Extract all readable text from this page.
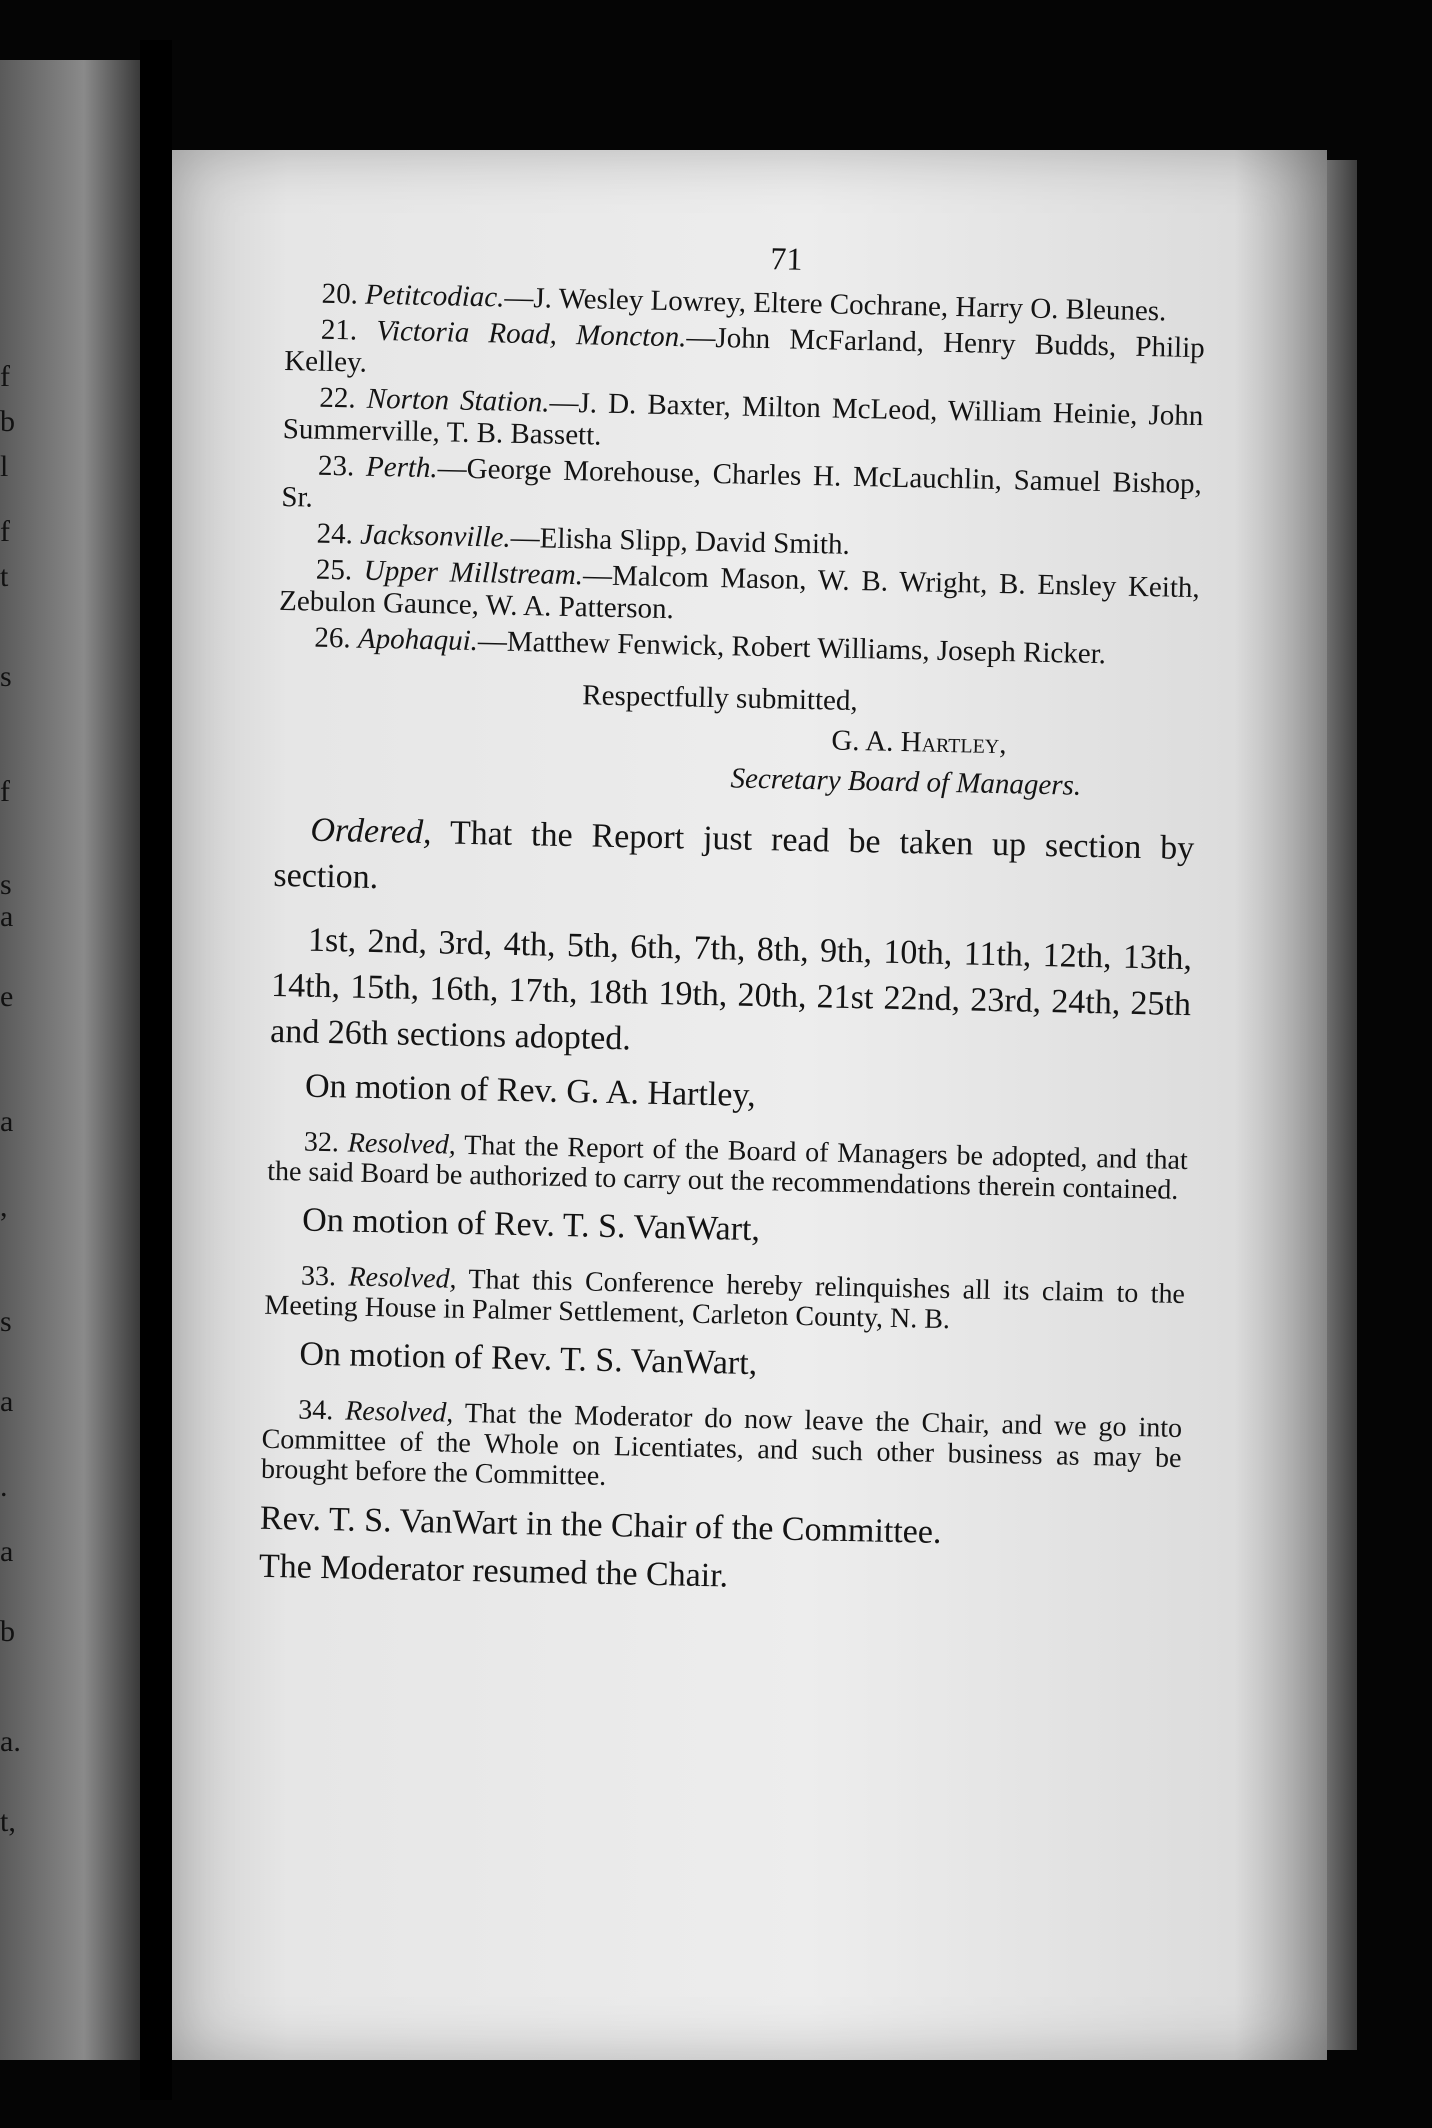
f
b
l
f
t
s
f
s
a
e
a
,
s
a
.
a
b
a.
t,
71

20. Petitcodiac.—J. Wesley Lowrey, Eltere Cochrane, Harry O. Bleunes.

21. Victoria Road, Moncton.—John McFarland, Henry Budds, Philip Kelley.

22. Norton Station.—J. D. Baxter, Milton McLeod, William Heinie, John Summerville, T. B. Bassett.

23. Perth.—George Morehouse, Charles H. McLauchlin, Samuel Bishop, Sr.

24. Jacksonville.—Elisha Slipp, David Smith.

25. Upper Millstream.—Malcom Mason, W. B. Wright, B. Ensley Keith, Zebulon Gaunce, W. A. Patterson.

26. Apohaqui.—Matthew Fenwick, Robert Williams, Joseph Ricker.

Respectfully submitted,
G. A. Hartley,
Secretary Board of Managers.

Ordered, That the Report just read be taken up section by section.

1st, 2nd, 3rd, 4th, 5th, 6th, 7th, 8th, 9th, 10th, 11th, 12th, 13th, 14th, 15th, 16th, 17th, 18th 19th, 20th, 21st 22nd, 23rd, 24th, 25th and 26th sections adopted.

On motion of Rev. G. A. Hartley,

32. Resolved, That the Report of the Board of Managers be adopted, and that the said Board be authorized to carry out the recommendations therein contained.

On motion of Rev. T. S. VanWart,

33. Resolved, That this Conference hereby relinquishes all its claim to the Meeting House in Palmer Settlement, Carleton County, N. B.

On motion of Rev. T. S. VanWart,

34. Resolved, That the Moderator do now leave the Chair, and we go into Committee of the Whole on Licentiates, and such other business as may be brought before the Committee.

Rev. T. S. VanWart in the Chair of the Committee.

The Moderator resumed the Chair.
